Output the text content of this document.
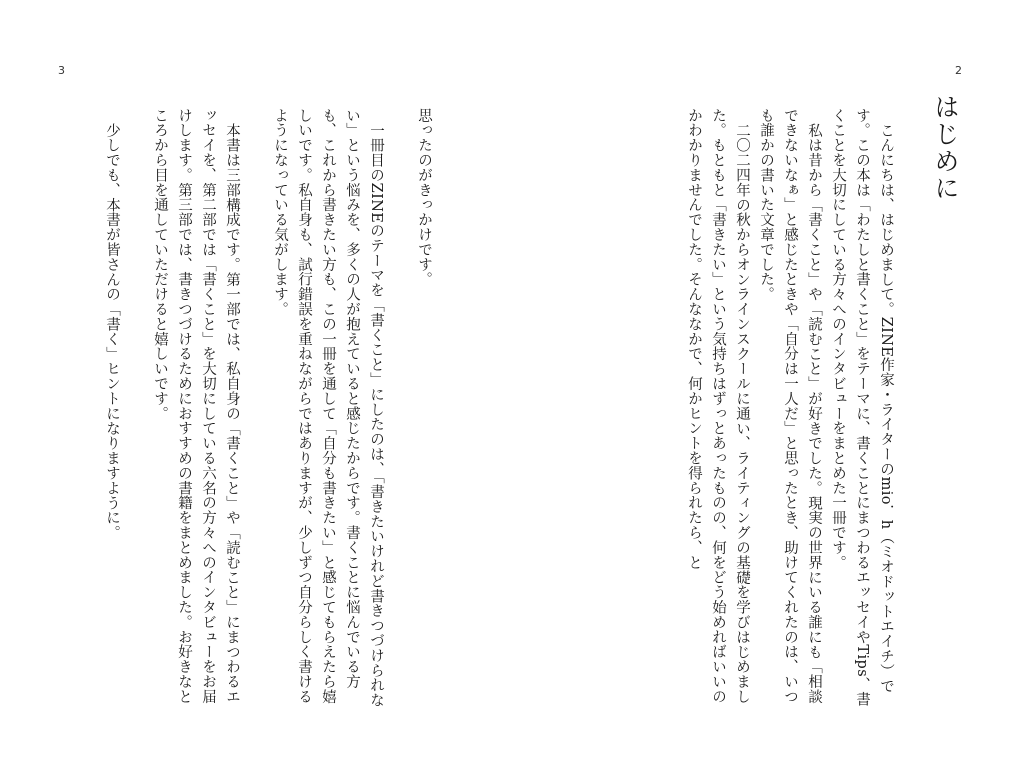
2
3
はじめに

こんにちは、はじめまして。ZINE作家・ライターのmio．h（ミオドットエイチ）です。この本は「わたしと書くこと」をテーマに、書くことにまつわるエッセイやTips、書くことを大切にしている方々へのインタビューをまとめた一冊です。

私は昔から「書くこと」や「読むこと」が好きでした。現実の世界にいる誰にも「相談できないなぁ」と感じたときや「自分は一人だ」と思ったとき、助けてくれたのは、いつも誰かの書いた文章でした。

二〇二四年の秋からオンラインスクールに通い、ライティングの基礎を学びはじめました。もともと「書きたい」という気持ちはずっとあったものの、何をどう始めればいいのかわかりませんでした。そんななかで、何かヒントを得られたら、と

思ったのがきっかけです。

一冊目のZINEのテーマを「書くこと」にしたのは、「書きたいけれど書きつづけられない」という悩みを、多くの人が抱えていると感じたからです。書くことに悩んでいる方も、これから書きたい方も、この一冊を通して「自分も書きたい」と感じてもらえたら嬉しいです。私自身も、試行錯誤を重ねながらではありますが、少しずつ自分らしく書けるようになっている気がします。

本書は三部構成です。第一部では、私自身の「書くこと」や「読むこと」にまつわるエッセイを、第二部では「書くこと」を大切にしている六名の方々へのインタビューをお届けします。第三部では、書きつづけるためにおすすめの書籍をまとめました。お好きなところから目を通していただけると嬉しいです。

少しでも、本書が皆さんの「書く」ヒントになりますように。
